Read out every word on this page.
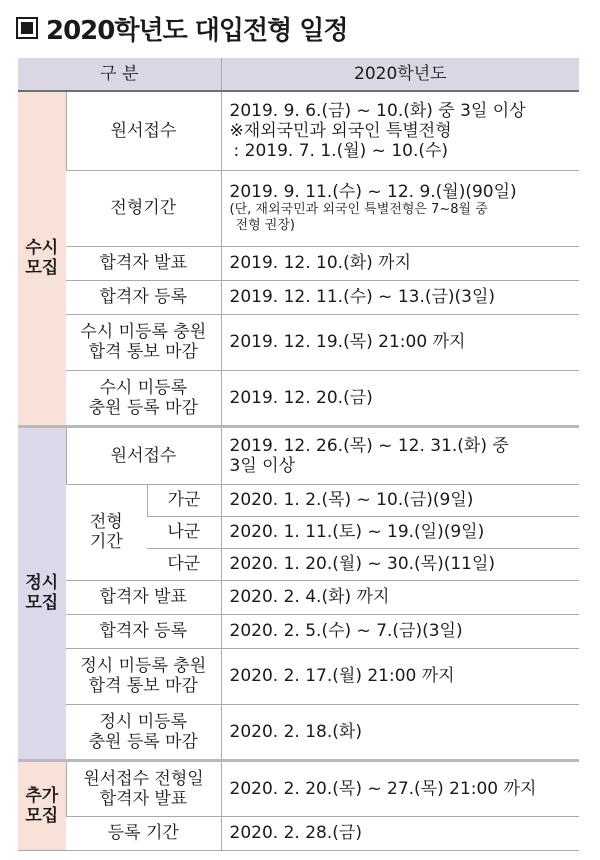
2020학년도 대입전형 일정
구 분			2020학년도

수시
모집	원서접수		2019. 9. 6.(금) ~ 10.(화) 중 3일 이상
※재외국민과 외국인 특별전형
: 2019. 7. 1.(월) ~ 10.(수)

	전형기간		2019. 9. 11.(수) ~ 12. 9.(월)(90일)
(단, 재외국민과 외국인 특별전형은 7~8월 중
전형 권장)

	합격자 발표		2019. 12. 10.(화) 까지
	합격자 등록		2019. 12. 11.(수) ~ 13.(금)(3일)

	수시 미등록 충원
합격 통보 마감		2019. 12. 19.(목) 21:00 까지

	수시 미등록
충원 등록 마감		2019. 12. 20.(금)

정시
모집	원서접수		2019. 12. 26.(목) ~ 12. 31.(화) 중
3일 이상

	전형
기간	가군	2020. 1. 2.(목) ~ 10.(금)(9일)
		나군	2020. 1. 11.(토) ~ 19.(일)(9일)
		다군	2020. 1. 20.(월) ~ 30.(목)(11일)
	합격자 발표		2020. 2. 4.(화) 까지
	합격자 등록		2020. 2. 5.(수) ~ 7.(금)(3일)

	정시 미등록 충원
합격 통보 마감		2020. 2. 17.(월) 21:00 까지

	정시 미등록
충원 등록 마감		2020. 2. 18.(화)

추가
모집	원서접수 전형일
합격자 발표		2020. 2. 20.(목) ~ 27.(목) 21:00 까지
	등록 기간		2020. 2. 28.(금)
